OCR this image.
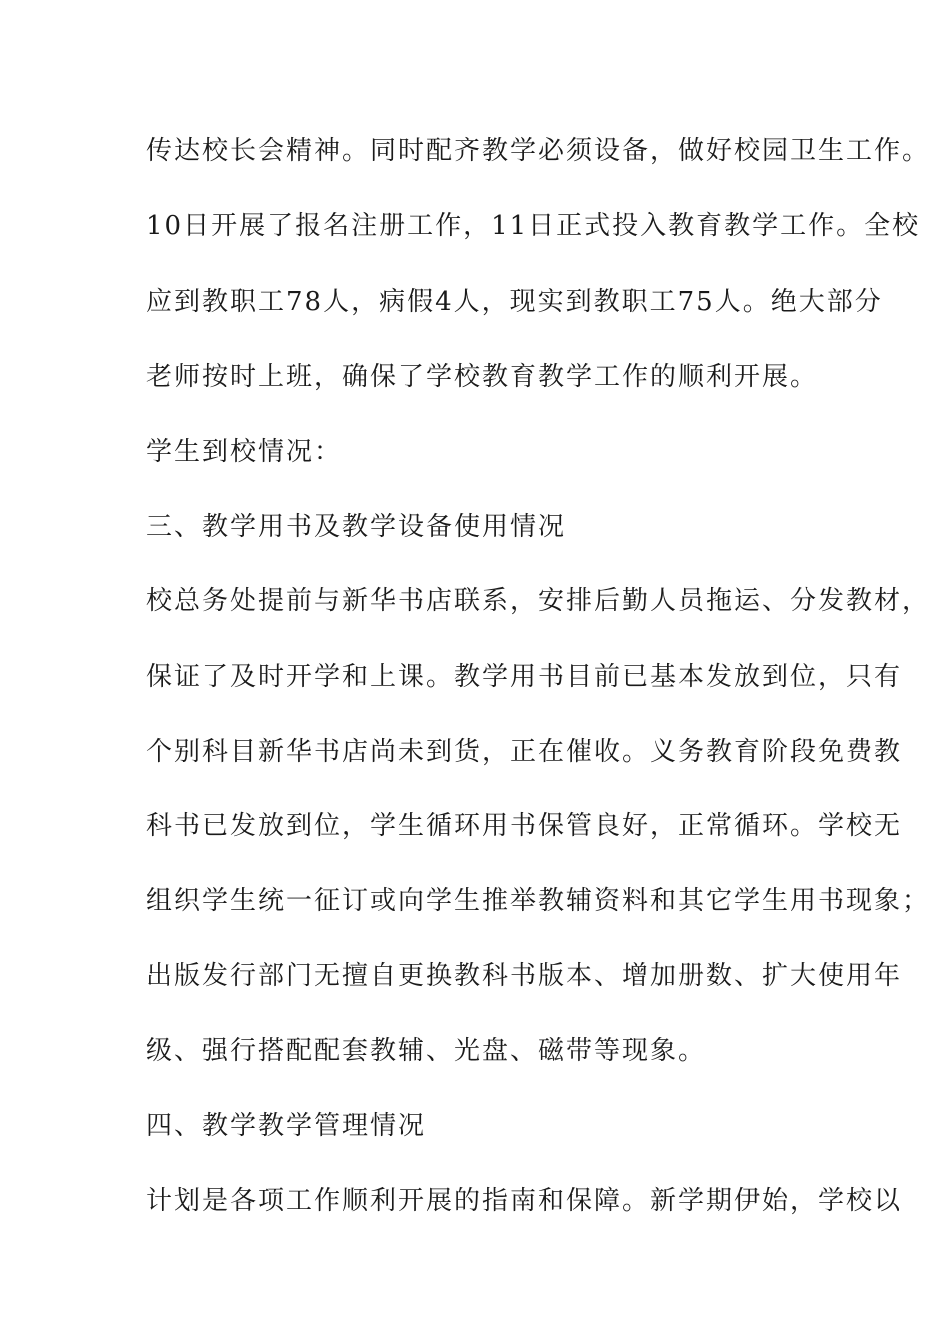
传达校长会精神。同时配齐教学必须设备，做好校园卫生工作。
10日开展了报名注册工作，11日正式投入教育教学工作。全校
应到教职工78人，病假4人，现实到教职工75人。绝大部分
老师按时上班，确保了学校教育教学工作的顺利开展。
学生到校情况：
三、教学用书及教学设备使用情况
校总务处提前与新华书店联系，安排后勤人员拖运、分发教材，
保证了及时开学和上课。教学用书目前已基本发放到位，只有
个别科目新华书店尚未到货，正在催收。义务教育阶段免费教
科书已发放到位，学生循环用书保管良好，正常循环。学校无
组织学生统一征订或向学生推举教辅资料和其它学生用书现象；
出版发行部门无擅自更换教科书版本、增加册数、扩大使用年
级、强行搭配配套教辅、光盘、磁带等现象。
四、教学教学管理情况
计划是各项工作顺利开展的指南和保障。新学期伊始，学校以
